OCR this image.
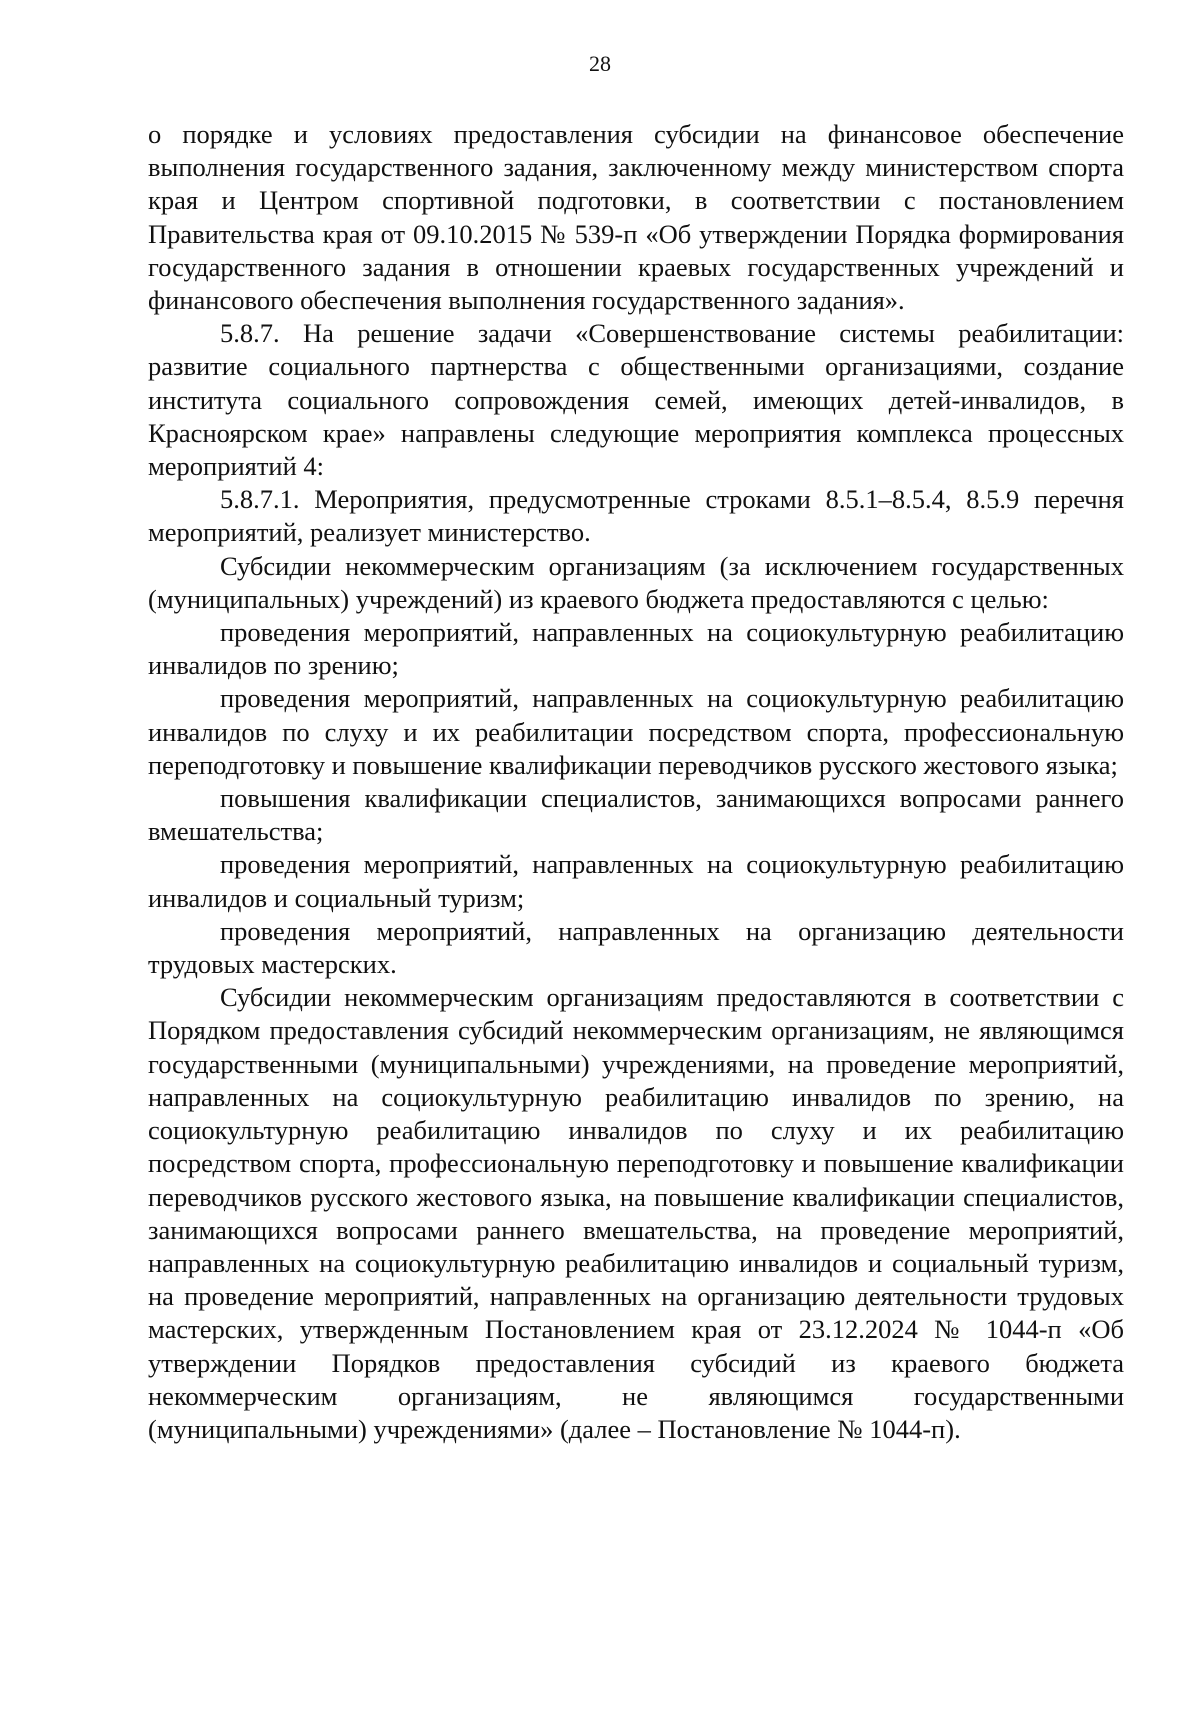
28

о порядке и условиях предоставления субсидии на финансовое обеспечение выполнения государственного задания, заключенному между министерством спорта края и Центром спортивной подготовки, в соответствии с постановлением Правительства края от 09.10.2015 № 539-п «Об утверждении Порядка формирования государственного задания в отношении краевых государственных учреждений и финансового обеспечения выполнения государственного задания».

5.8.7. На решение задачи «Совершенствование системы реабилитации: развитие социального партнерства с общественными организациями, создание института социального сопровождения семей, имеющих детей-инвалидов, в Красноярском крае» направлены следующие мероприятия комплекса процессных мероприятий 4:

5.8.7.1. Мероприятия, предусмотренные строками 8.5.1–8.5.4, 8.5.9 перечня мероприятий, реализует министерство.

Субсидии некоммерческим организациям (за исключением государственных (муниципальных) учреждений) из краевого бюджета предоставляются с целью:

проведения мероприятий, направленных на социокультурную реабилитацию инвалидов по зрению;

проведения мероприятий, направленных на социокультурную реабилитацию инвалидов по слуху и их реабилитации посредством спорта, профессиональную переподготовку и повышение квалификации переводчиков русского жестового языка;

повышения квалификации специалистов, занимающихся вопросами раннего вмешательства;

проведения мероприятий, направленных на социокультурную реабилитацию инвалидов и социальный туризм;

проведения мероприятий, направленных на организацию деятельности трудовых мастерских.

Субсидии некоммерческим организациям предоставляются в соответствии с Порядком предоставления субсидий некоммерческим организациям, не являющимся государственными (муниципальными) учреждениями, на проведение мероприятий, направленных на социокультурную реабилитацию инвалидов по зрению, на социокультурную реабилитацию инвалидов по слуху и их реабилитацию посредством спорта, профессиональную переподготовку и повышение квалификации переводчиков русского жестового языка, на повышение квалификации специалистов, занимающихся вопросами раннего вмешательства, на проведение мероприятий, направленных на социокультурную реабилитацию инвалидов и социальный туризм, на проведение мероприятий, направленных на организацию деятельности трудовых мастерских, утвержденным Постановлением края от 23.12.2024 № 1044-п «Об утверждении Порядков предоставления субсидий из краевого бюджета некоммерческим организациям, не являющимся государственными (муниципальными) учреждениями» (далее – Постановление № 1044-п).
